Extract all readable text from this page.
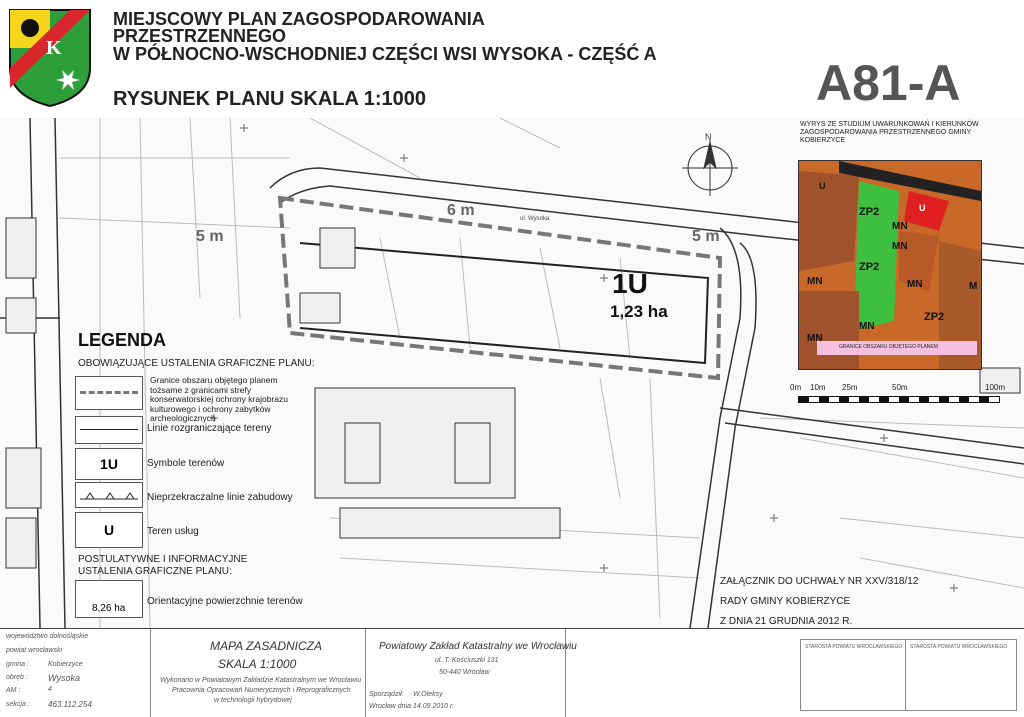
K
MIEJSCOWY PLAN ZAGOSPODAROWANIA
PRZESTRZENNEGO
W PÓŁNOCNO-WSCHODNIEJ CZĘŚCI WSI WYSOKA - CZĘŚĆ A
RYSUNEK PLANU SKALA 1:1000	A81-A
6 m
5 m	5 m
1U
1,23 ha
N
ul. Wysoka
LEGENDA
OBOWIĄZUJĄCE USTALENIA GRAFICZNE PLANU:
Granice obszaru objętego planem tożsame z granicami strefy konserwatorskiej ochrony krajobrazu kulturowego i ochrony zabytków archeologicznych
Linie rozgraniczające tereny
1U	Symbole terenów
Nieprzekraczalne linie zabudowy
U	Teren usług
POSTULATYWNE I INFORMACYJNE
USTALENIA GRAFICZNE PLANU:
8,26 ha
Orientacyjne powierzchnie terenów
ZAŁĄCZNIK DO UCHWAŁY NR XXV/318/12
RADY GMINY KOBIERZYCE
Z DNIA 21 GRUDNIA 2012 R.
WYRYS ZE STUDIUM UWARUNKOWAŃ I KIERUNKÓW ZAGOSPODAROWANIA PRZESTRZENNEGO GMINY KOBIERZYCE
GRANICE OBSZARU OBJĘTEGO PLANEM
U
ZP2	U
MN
MN
ZP2
MN	MN
ZP2
MN
MN
M
0m 10m 25m	50m	100m
województwo dolnośląskie
powiat wrocławski
gmina :	Kobierzyce
obręb : Wysoka
AM :	4
sekcja : 463.112.254
MAPA ZASADNICZA
SKALA 1:1000
Wykonano w Powiatowym Zakładzie Katastralnym we Wrocławiu
Pracownia Opracowań Numerycznych i Reprograficznych
w technologii hybrydowej
Powiatowy Zakład Katastralny we Wrocławiu
ul. T. Kościuszki 131
50-440 Wrocław
Sporządził: W.Oleksy
Wrocław dnia 14.09.2010 r.
STAROSTA POWIATU WROCŁAWSKIEGO STAROSTA POWIATU WROCŁAWSKIEGO
